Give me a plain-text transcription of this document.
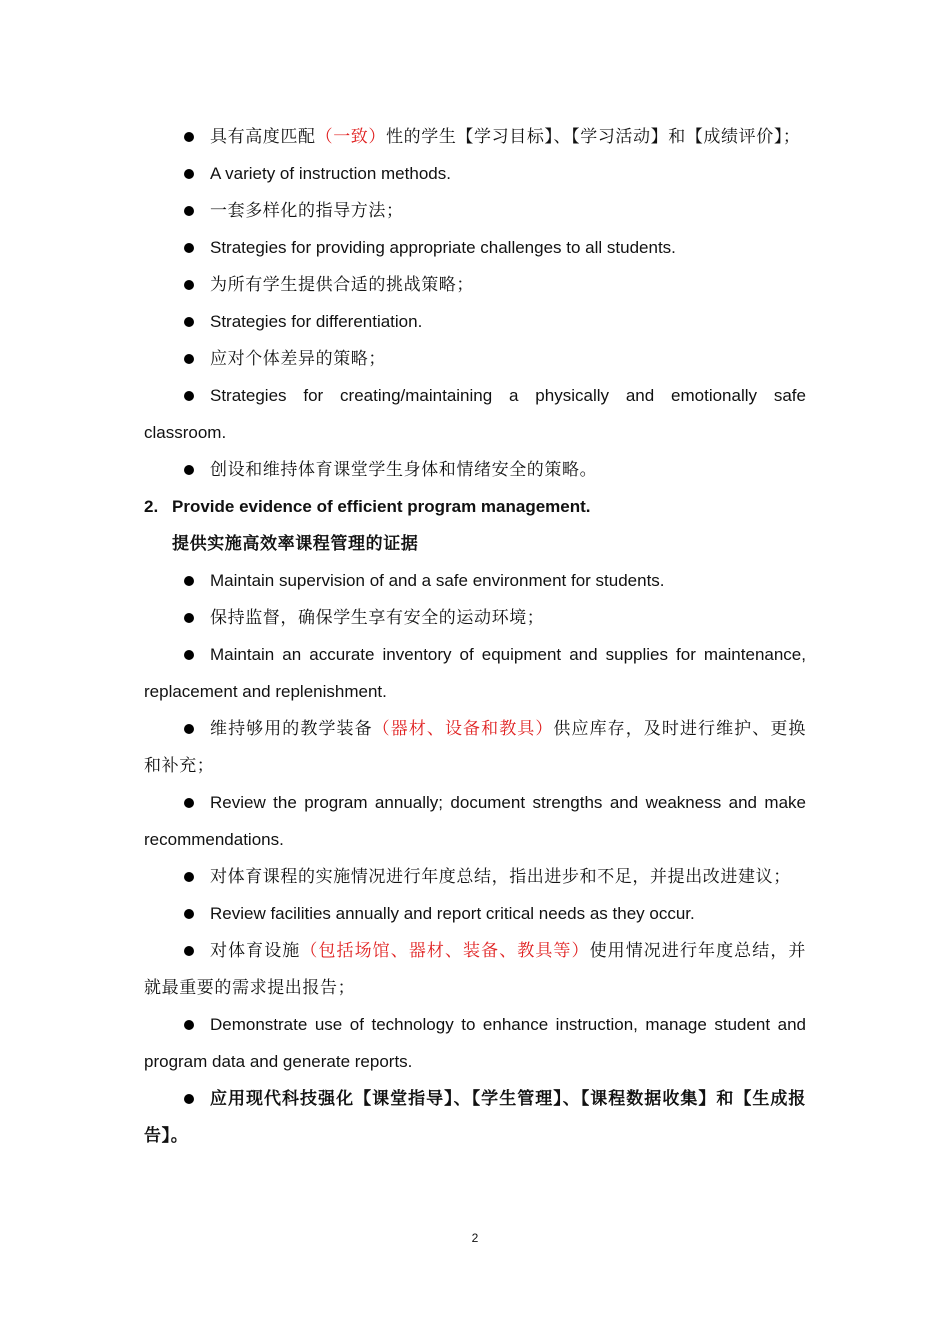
具有高度匹配（一致）性的学生【学习目标】、【学习活动】和【成绩评价】；

A variety of instruction methods.

一套多样化的指导方法；

Strategies for providing appropriate challenges to all students.

为所有学生提供合适的挑战策略；

Strategies for differentiation.

应对个体差异的策略；

Strategies for creating/maintaining a physically and emotionally safe classroom.

创设和维持体育课堂学生身体和情绪安全的策略。

2. Provide evidence of efficient program management.

提供实施高效率课程管理的证据

Maintain supervision of and a safe environment for students.

保持监督，确保学生享有安全的运动环境；

Maintain an accurate inventory of equipment and supplies for maintenance, replacement and replenishment.

维持够用的教学装备（器材、设备和教具）供应库存，及时进行维护、更换和补充；

Review the program annually; document strengths and weakness and make recommendations.

对体育课程的实施情况进行年度总结，指出进步和不足，并提出改进建议；

Review facilities annually and report critical needs as they occur.

对体育设施（包括场馆、器材、装备、教具等）使用情况进行年度总结，并就最重要的需求提出报告；

Demonstrate use of technology to enhance instruction, manage student and program data and generate reports.

应用现代科技强化【课堂指导】、【学生管理】、【课程数据收集】和【生成报告】。

2
